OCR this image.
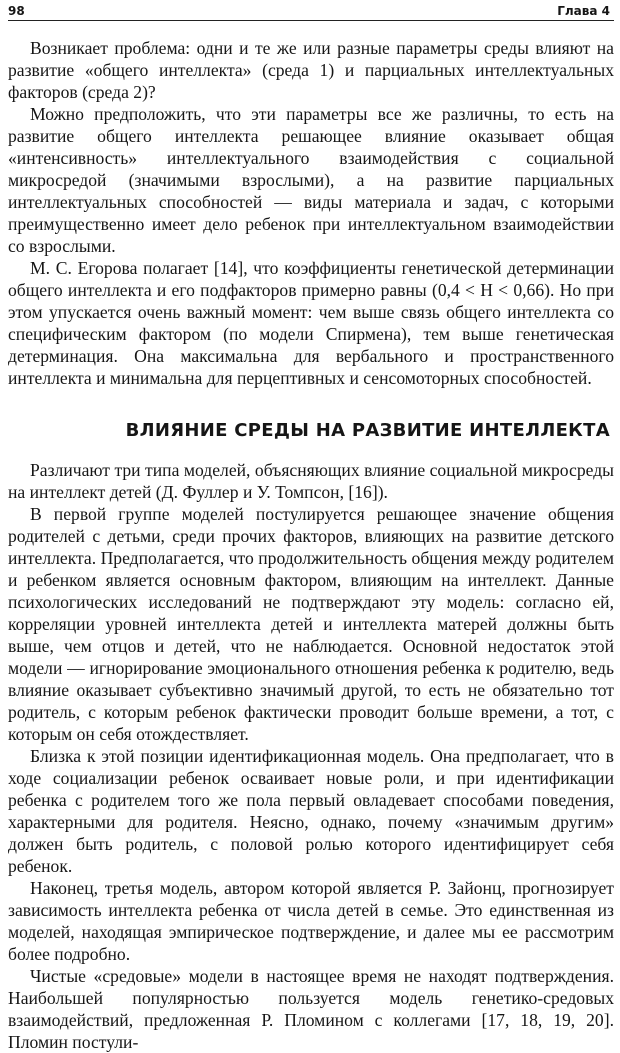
98	Глава 4

Возникает проблема: одни и те же или разные параметры среды влияют на развитие «общего интеллекта» (среда 1) и парциальных интеллектуальных факторов (среда 2)?

Можно предположить, что эти параметры все же различны, то есть на развитие общего интеллекта решающее влияние оказывает общая «интенсивность» интеллектуального взаимодействия с социальной микросредой (значимыми взрослыми), а на развитие парциальных интеллектуальных способностей — виды материала и задач, с которыми преимущественно имеет дело ребенок при интеллектуальном взаимодействии со взрослыми.

М. С. Егорова полагает [14], что коэффициенты генетической детерминации общего интеллекта и его подфакторов примерно равны (0,4 < H < 0,66). Но при этом упускается очень важный момент: чем выше связь общего интеллекта со специфическим фактором (по модели Спирмена), тем выше генетическая детерминация. Она максимальна для вербального и пространственного интеллекта и минимальна для перцептивных и сенсомоторных способностей.

ВЛИЯНИЕ СРЕДЫ НА РАЗВИТИЕ ИНТЕЛЛЕКТА

Различают три типа моделей, объясняющих влияние социальной микросреды на интеллект детей (Д. Фуллер и У. Томпсон, [16]).

В первой группе моделей постулируется решающее значение общения родителей с детьми, среди прочих факторов, влияющих на развитие детского интеллекта. Предполагается, что продолжительность общения между родителем и ребенком является основным фактором, влияющим на интеллект. Данные психологических исследований не подтверждают эту модель: согласно ей, корреляции уровней интеллекта детей и интеллекта матерей должны быть выше, чем отцов и детей, что не наблюдается. Основной недостаток этой модели — игнорирование эмоционального отношения ребенка к родителю, ведь влияние оказывает субъективно значимый другой, то есть не обязательно тот родитель, с которым ребенок фактически проводит больше времени, а тот, с которым он себя отождествляет.

Близка к этой позиции идентификационная модель. Она предполагает, что в ходе социализации ребенок осваивает новые роли, и при идентификации ребенка с родителем того же пола первый овладевает способами поведения, характерными для родителя. Неясно, однако, почему «значимым другим» должен быть родитель, с половой ролью которого идентифицирует себя ребенок.

Наконец, третья модель, автором которой является Р. Зайонц, прогнозирует зависимость интеллекта ребенка от числа детей в семье. Это единственная из моделей, находящая эмпирическое подтверждение, и далее мы ее рассмотрим более подробно.

Чистые «средовые» модели в настоящее время не находят подтверждения. Наибольшей популярностью пользуется модель генетико-средовых взаимодействий, предложенная Р. Пломином с коллегами [17, 18, 19, 20]. Пломин постули-
